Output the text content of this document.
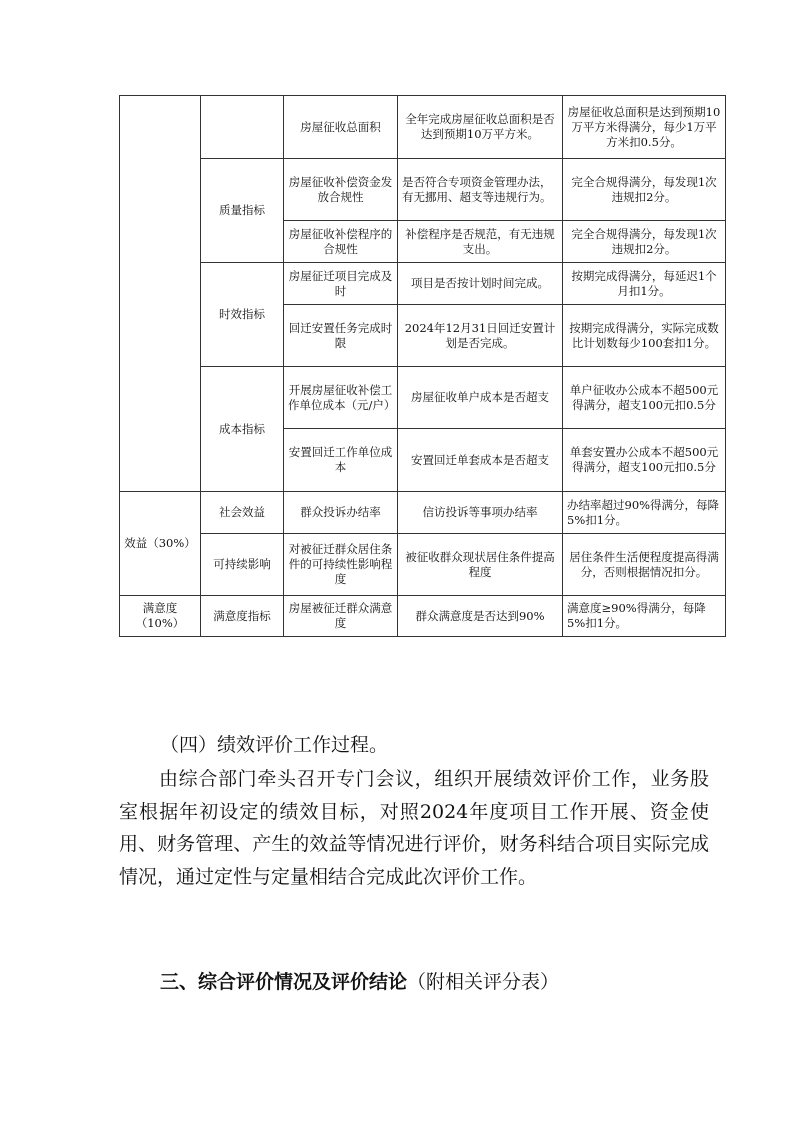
		房屋征收总面积	全年完成房屋征收总面积是否达到预期10万平方米。	房屋征收总面积是达到预期10万平方米得满分，每少1万平方米扣0.5分。
	质量指标	房屋征收补偿资金发放合规性	是否符合专项资金管理办法，有无挪用、超支等违规行为。	完全合规得满分，每发现1次违规扣2分。
		房屋征收补偿程序的合规性	补偿程序是否规范，有无违规支出。	完全合规得满分，每发现1次违规扣2分。
	时效指标	房屋征迁项目完成及时	项目是否按计划时间完成。	按期完成得满分，每延迟1个月扣1分。
		回迁安置任务完成时限	2024年12月31日回迁安置计划是否完成。	按期完成得满分，实际完成数比计划数每少100套扣1分。
	成本指标	开展房屋征收补偿工作单位成本（元/户）	房屋征收单户成本是否超支	单户征收办公成本不超500元得满分，超支100元扣0.5分
		安置回迁工作单位成本	安置回迁单套成本是否超支	单套安置办公成本不超500元得满分，超支100元扣0.5分
效益（30%）	社会效益	群众投诉办结率	信访投诉等事项办结率	办结率超过90%得满分，每降5%扣1分。
	可持续影响	对被征迁群众居住条件的可持续性影响程度	被征收群众现状居住条件提高程度	居住条件生活便程度提高得满分，否则根据情况扣分。
满意度（10%）	满意度指标	房屋被征迁群众满意度	群众满意度是否达到90%	满意度≥90%得满分，每降5%扣1分。
（四）绩效评价工作过程。

由综合部门牵头召开专门会议，组织开展绩效评价工作，业务股室根据年初设定的绩效目标，对照2024年度项目工作开展、资金使用、财务管理、产生的效益等情况进行评价，财务科结合项目实际完成情况，通过定性与定量相结合完成此次评价工作。

三、综合评价情况及评价结论（附相关评分表）
